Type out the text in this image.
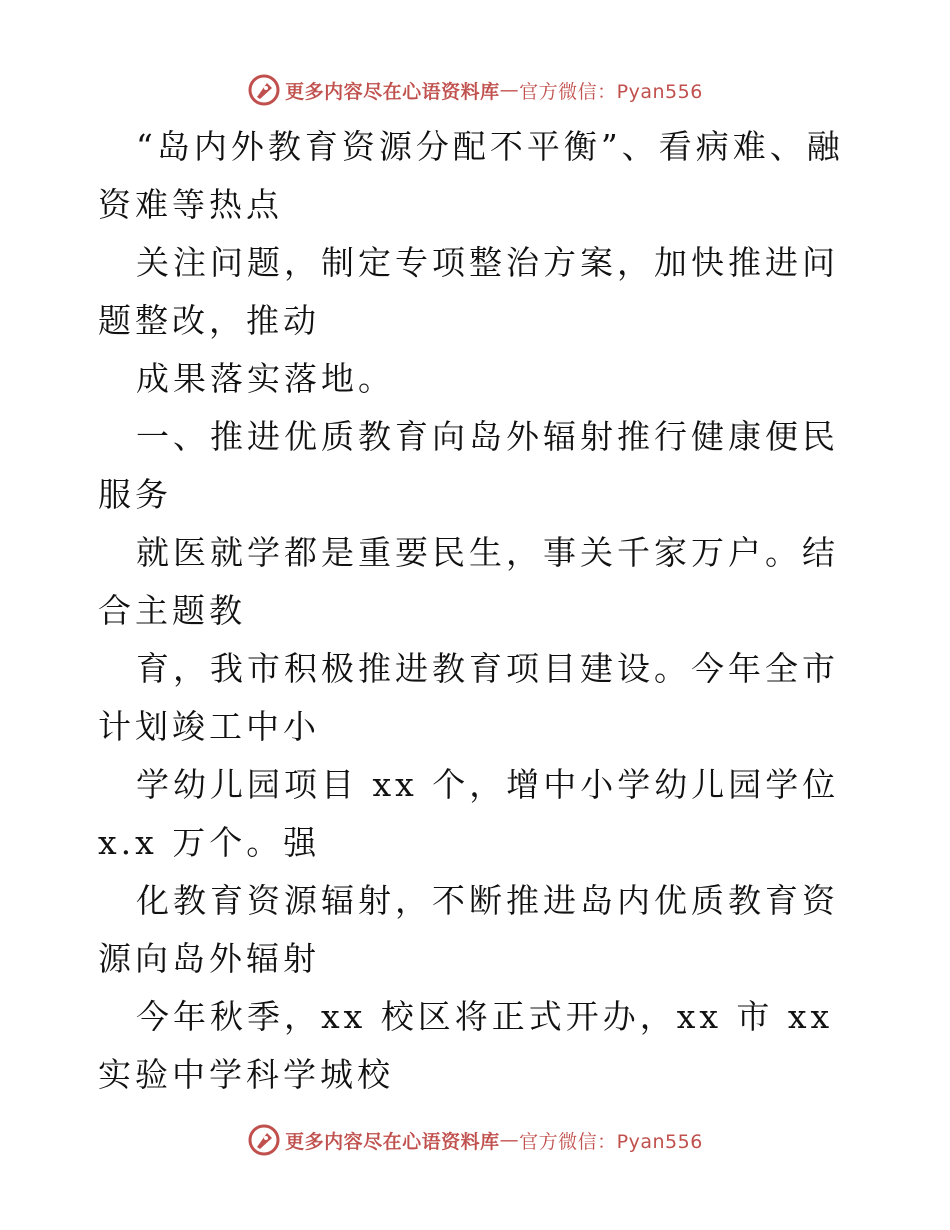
更多内容尽在心语资料库 — 官方微信：Pyan556

“岛内外教育资源分配不平衡”、看病难、融资难等热点

关注问题，制定专项整治方案，加快推进问题整改，推动

成果落实落地。

一、推进优质教育向岛外辐射推行健康便民服务

就医就学都是重要民生，事关千家万户。结合主题教

育，我市积极推进教育项目建设。今年全市计划竣工中小

学幼儿园项目 xx 个，增中小学幼儿园学位 x.x 万个。强

化教育资源辐射，不断推进岛内优质教育资源向岛外辐射

今年秋季，xx 校区将正式开办，xx 市 xx 实验中学科学城校

更多内容尽在心语资料库 — 官方微信：Pyan556
